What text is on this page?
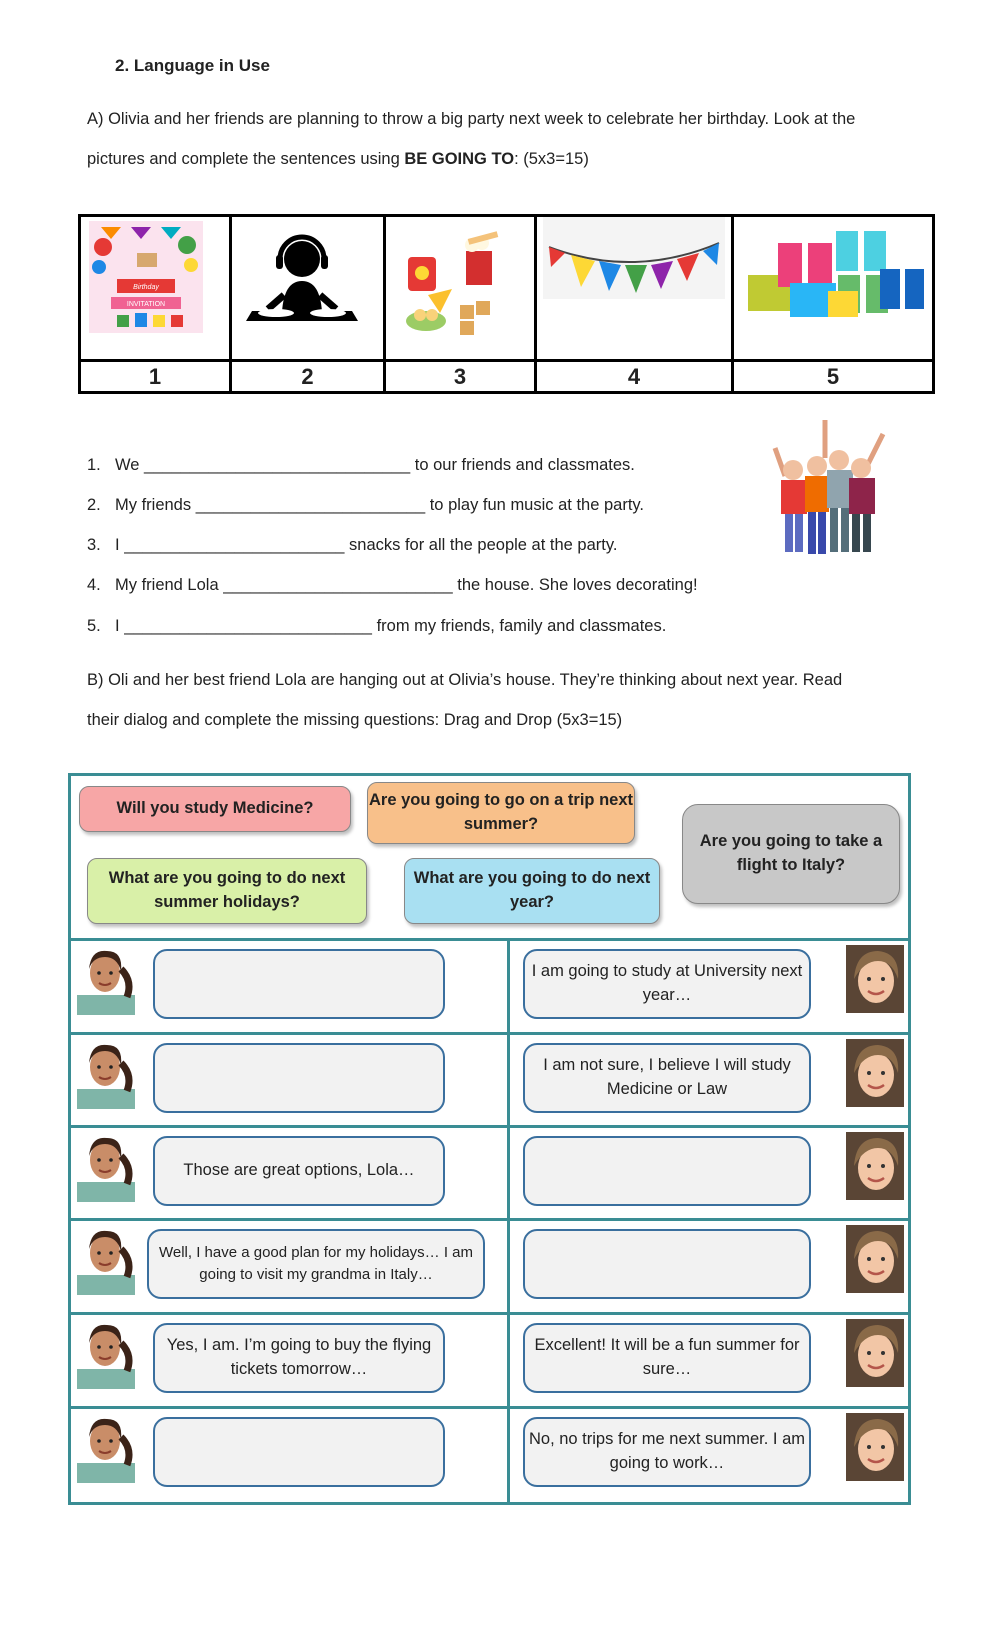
2. Language in Use
A) Olivia and her friends are planning to throw a big party next week to celebrate her birthday. Look at the
pictures and complete the sentences using BE GOING TO: (5x3=15)
Birthday
INVITATION
1	2	3	4	5
1. We _____________________________ to our friends and classmates.
2. My friends _________________________ to play fun music at the party.
3. I ________________________ snacks for all the people at the party.
4. My friend Lola _________________________ the house. She loves decorating!
5. I ___________________________ from my friends, family and classmates.
B) Oli and her best friend Lola are hanging out at Olivia’s house. They’re thinking about next year. Read
their dialog and complete the missing questions: Drag and Drop (5x3=15)
Will you study Medicine?	Are you going to go on a trip next summer?
Are you going to take a flight to Italy?
What are you going to do next summer holidays?
What are you going to do next year?
I am going to study at University next year…
I am not sure, I believe I will study Medicine or Law
Those are great options, Lola…
Well, I have a good plan for my holidays… I am going to visit my grandma in Italy…
Yes, I am. I’m going to buy the flying tickets tomorrow…
Excellent! It will be a fun summer for sure…
No, no trips for me next summer. I am going to work…
